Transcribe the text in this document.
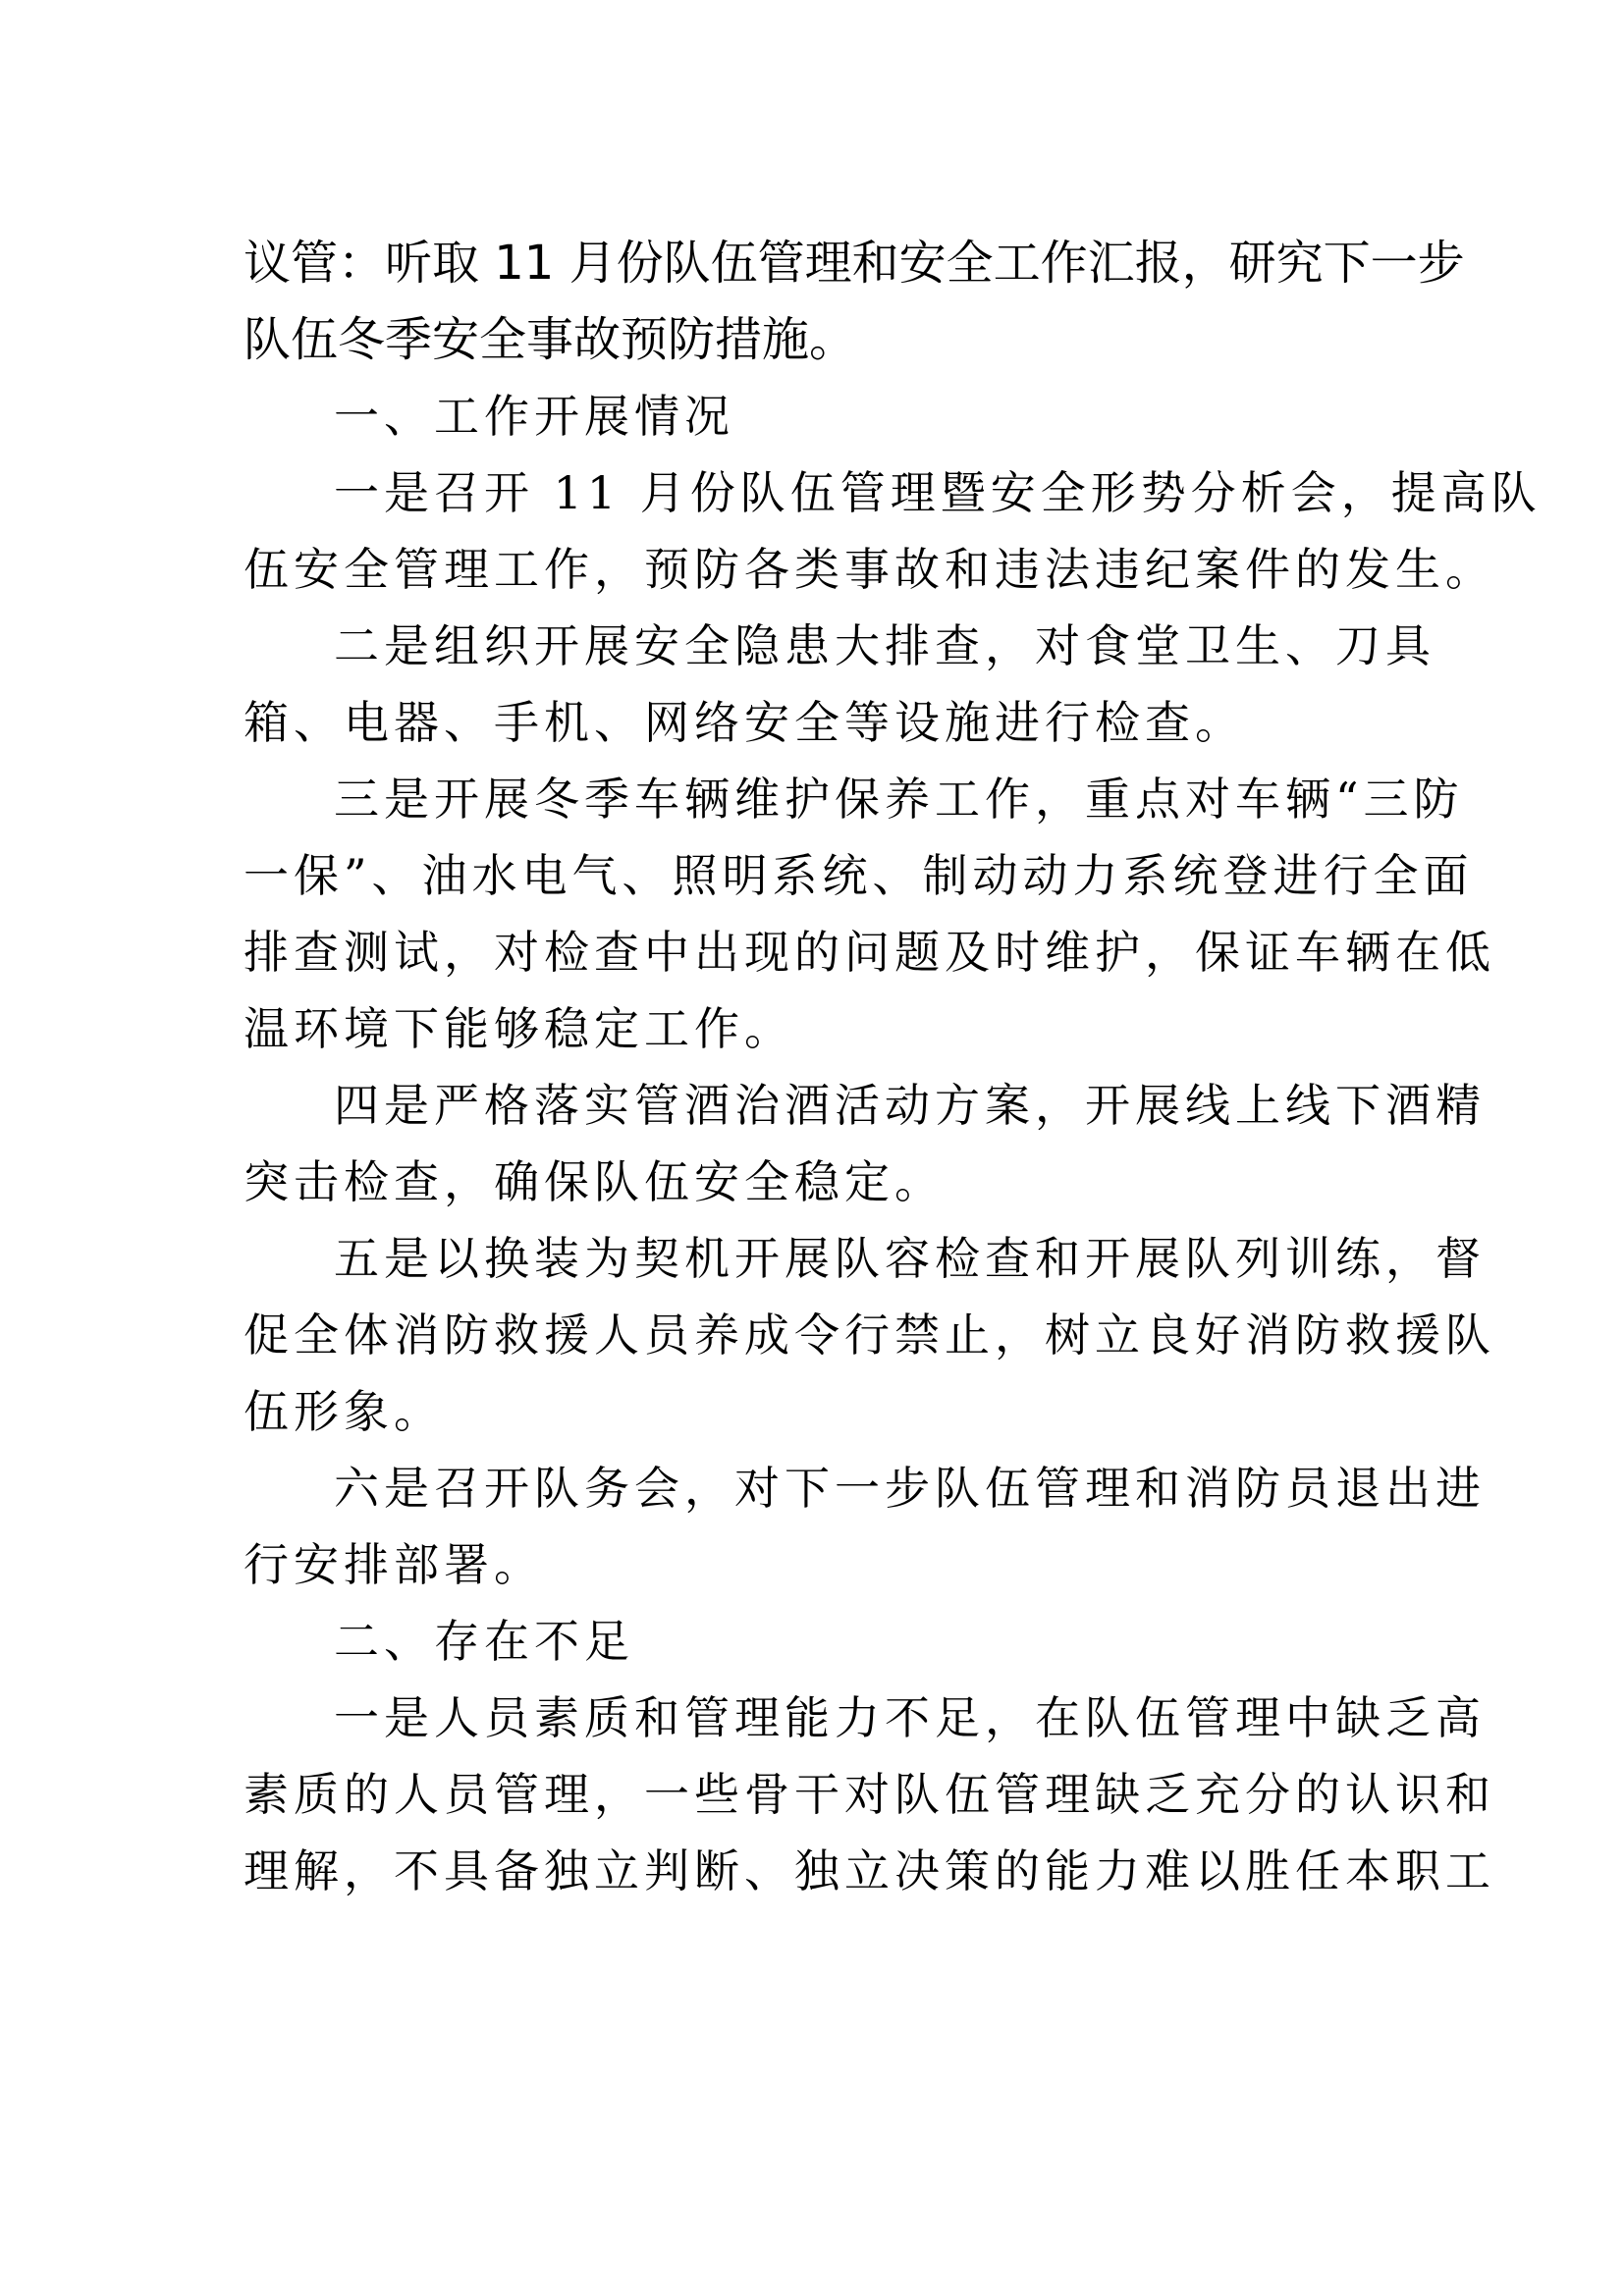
议管：听取 11 月份队伍管理和安全工作汇报，研究下一步
队伍冬季安全事故预防措施。
一、工作开展情况
一是召开 11 月份队伍管理暨安全形势分析会，提高队
伍安全管理工作，预防各类事故和违法违纪案件的发生。
二是组织开展安全隐患大排查，对食堂卫生、刀具
箱、电器、手机、网络安全等设施进行检查。
三是开展冬季车辆维护保养工作，重点对车辆“三防
一保”、油水电气、照明系统、制动动力系统登进行全面
排查测试，对检查中出现的问题及时维护，保证车辆在低
温环境下能够稳定工作。
四是严格落实管酒治酒活动方案，开展线上线下酒精
突击检查，确保队伍安全稳定。
五是以换装为契机开展队容检查和开展队列训练，督
促全体消防救援人员养成令行禁止，树立良好消防救援队
伍形象。
六是召开队务会，对下一步队伍管理和消防员退出进
行安排部署。
二、存在不足
一是人员素质和管理能力不足，在队伍管理中缺乏高
素质的人员管理，一些骨干对队伍管理缺乏充分的认识和
理解，不具备独立判断、独立决策的能力难以胜任本职工
